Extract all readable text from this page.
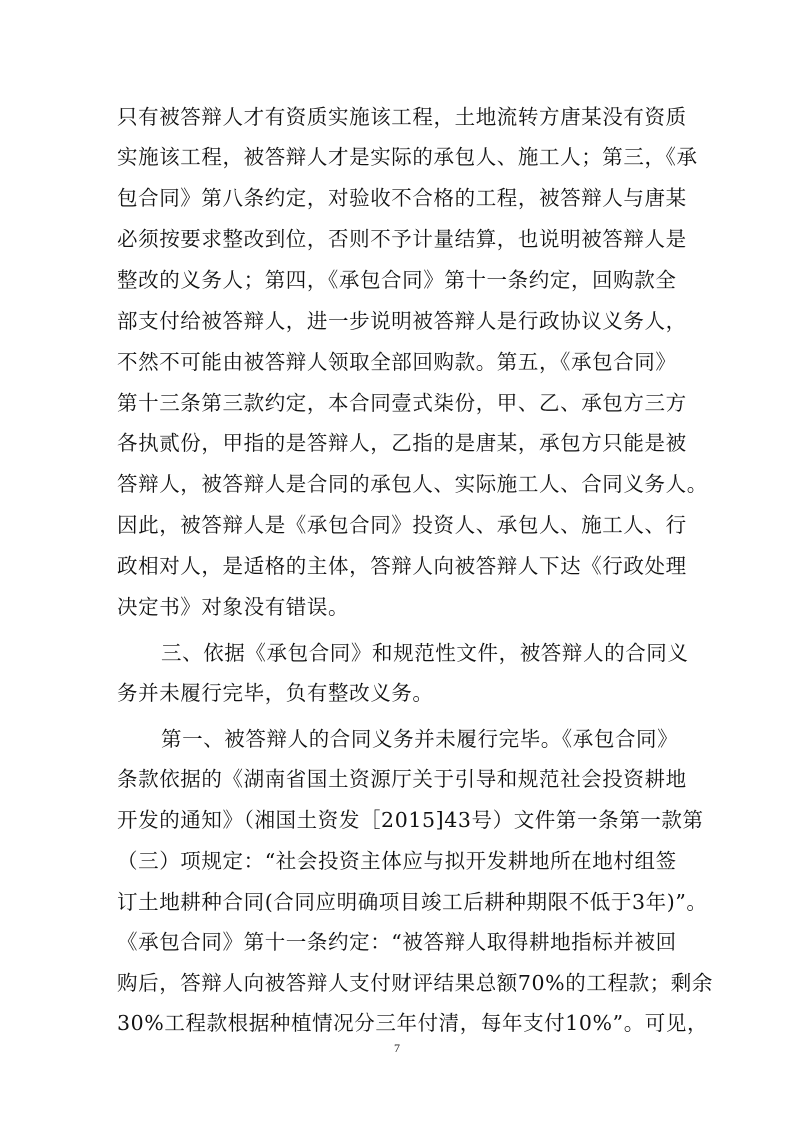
只有被答辩人才有资质实施该工程，土地流转方唐某没有资质

实施该工程，被答辩人才是实际的承包人、施工人；第三，《承

包合同》第八条约定，对验收不合格的工程，被答辩人与唐某

必须按要求整改到位，否则不予计量结算，也说明被答辩人是

整改的义务人；第四，《承包合同》第十一条约定，回购款全

部支付给被答辩人，进一步说明被答辩人是行政协议义务人，

不然不可能由被答辩人领取全部回购款。第五，《承包合同》

第十三条第三款约定，本合同壹式柒份，甲、乙、承包方三方

各执贰份，甲指的是答辩人，乙指的是唐某，承包方只能是被

答辩人，被答辩人是合同的承包人、实际施工人、合同义务人。

因此，被答辩人是《承包合同》投资人、承包人、施工人、行

政相对人，是适格的主体，答辩人向被答辩人下达《行政处理

决定书》对象没有错误。

三、依据《承包合同》和规范性文件，被答辩人的合同义

务并未履行完毕，负有整改义务。

第一、被答辩人的合同义务并未履行完毕。《承包合同》

条款依据的《湖南省国土资源厅关于引导和规范社会投资耕地

开发的通知》（湘国土资发［2015]43号）文件第一条第一款第

（三）项规定：“社会投资主体应与拟开发耕地所在地村组签

订土地耕种合同(合同应明确项目竣工后耕种期限不低于3年)”。

《承包合同》第十一条约定：“被答辩人取得耕地指标并被回

购后，答辩人向被答辩人支付财评结果总额70%的工程款；剩余

30%工程款根据种植情况分三年付清，每年支付10%”。可见，

7
